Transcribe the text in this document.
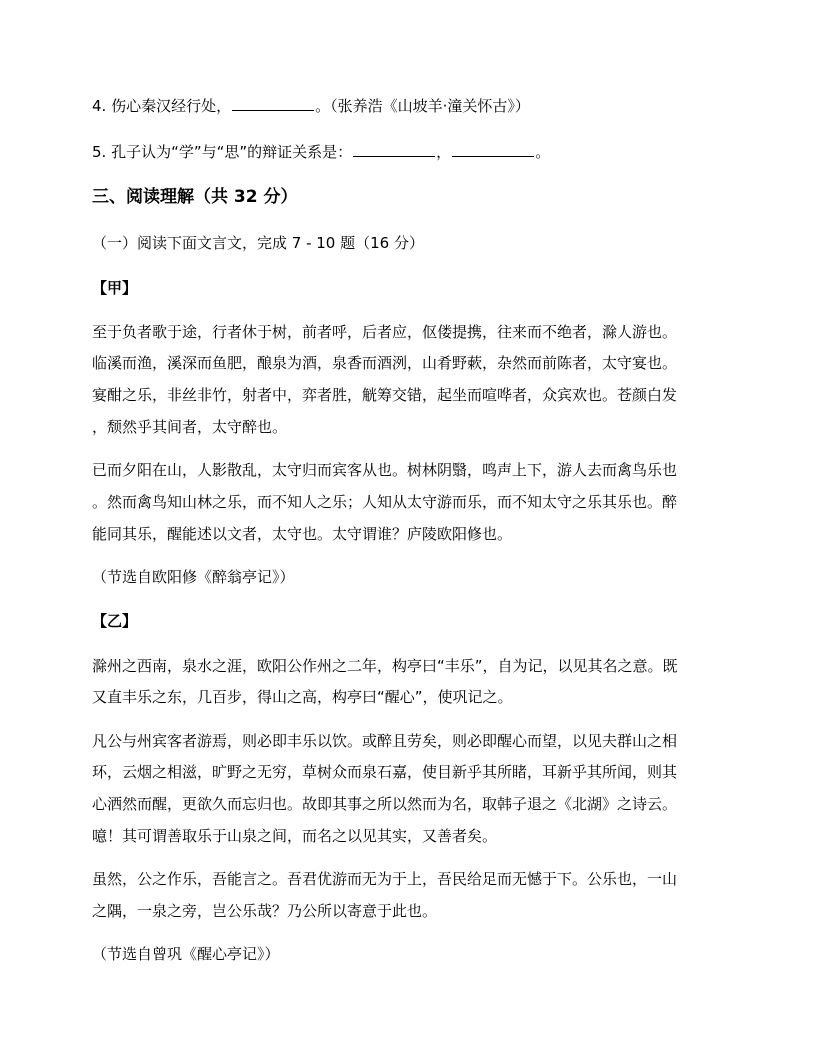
4. 伤心秦汉经行处，	。（张养浩《山坡羊·潼关怀古》）
5. 孔子认为“学”与“思”的辩证关系是：	，	。
三、阅读理解（共 32 分）
（一）阅读下面文言文，完成 7 - 10 题（16 分）
【甲】
至于负者歌于途，行者休于树，前者呼，后者应，伛偻提携，往来而不绝者，滁人游也。
临溪而渔，溪深而鱼肥，酿泉为酒，泉香而酒洌，山肴野蔌，杂然而前陈者，太守宴也。
宴酣之乐，非丝非竹，射者中，弈者胜，觥筹交错，起坐而喧哗者，众宾欢也。苍颜白发
，颓然乎其间者，太守醉也。
已而夕阳在山，人影散乱，太守归而宾客从也。树林阴翳，鸣声上下，游人去而禽鸟乐也
。然而禽鸟知山林之乐，而不知人之乐；人知从太守游而乐，而不知太守之乐其乐也。醉
能同其乐，醒能述以文者，太守也。太守谓谁？庐陵欧阳修也。
（节选自欧阳修《醉翁亭记》）
【乙】
滁州之西南，泉水之涯，欧阳公作州之二年，构亭曰“丰乐”，自为记，以见其名之意。既
又直丰乐之东，几百步，得山之高，构亭曰“醒心”，使巩记之。
凡公与州宾客者游焉，则必即丰乐以饮。或醉且劳矣，则必即醒心而望，以见夫群山之相
环，云烟之相滋，旷野之无穷，草树众而泉石嘉，使目新乎其所睹，耳新乎其所闻，则其
心洒然而醒，更欲久而忘归也。故即其事之所以然而为名，取韩子退之《北湖》之诗云。
噫！其可谓善取乐于山泉之间，而名之以见其实，又善者矣。
虽然，公之作乐，吾能言之。吾君优游而无为于上，吾民给足而无憾于下。公乐也，一山
之隅，一泉之旁，岂公乐哉？乃公所以寄意于此也。
（节选自曾巩《醒心亭记》）
